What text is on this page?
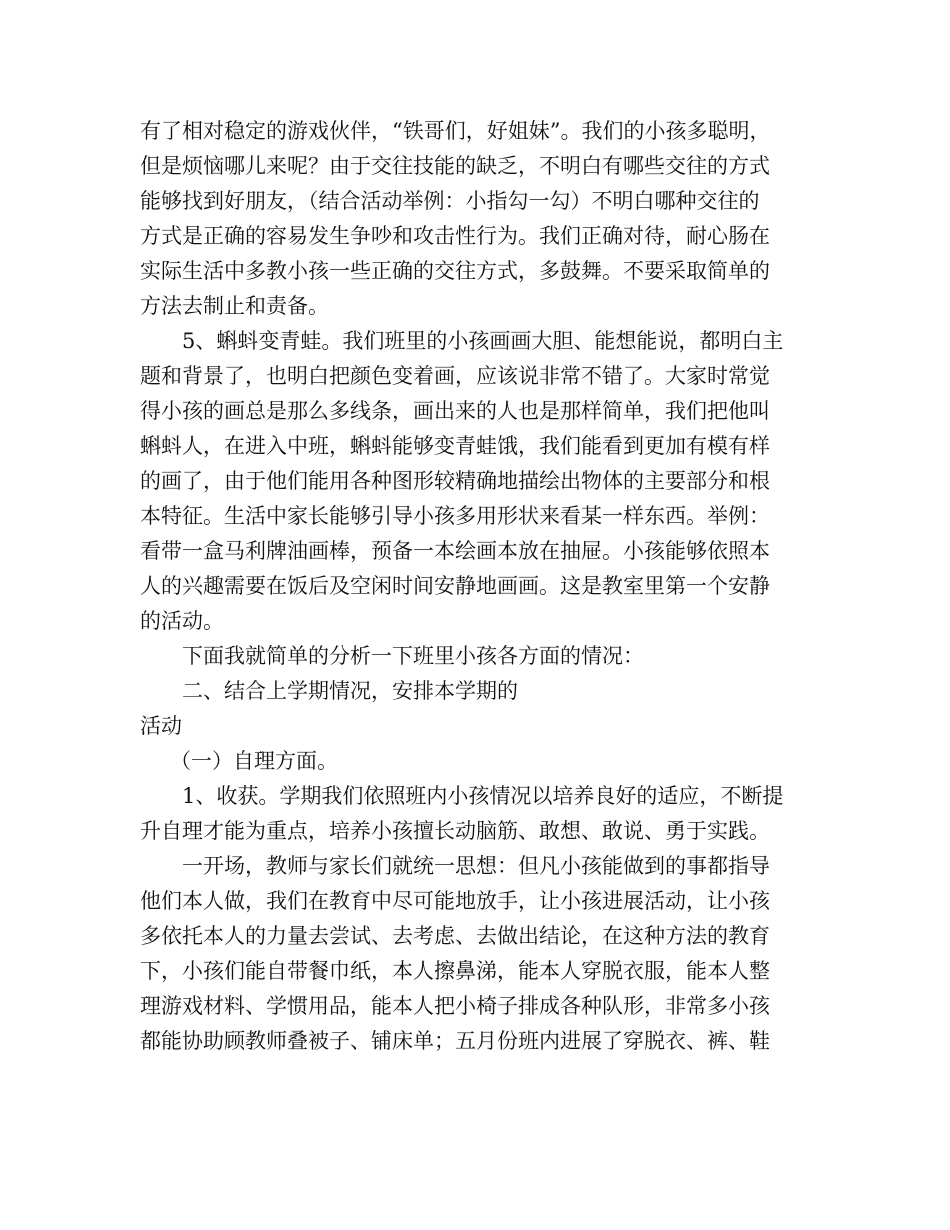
有了相对稳定的游戏伙伴，“铁哥们，好姐妹”。我们的小孩多聪明，
但是烦恼哪儿来呢？由于交往技能的缺乏，不明白有哪些交往的方式
能够找到好朋友，（结合活动举例：小指勾一勾）不明白哪种交往的
方式是正确的容易发生争吵和攻击性行为。我们正确对待，耐心肠在
实际生活中多教小孩一些正确的交往方式，多鼓舞。不要采取简单的
方法去制止和责备。
5、蝌蚪变青蛙。我们班里的小孩画画大胆、能想能说，都明白主
题和背景了，也明白把颜色变着画，应该说非常不错了。大家时常觉
得小孩的画总是那么多线条，画出来的人也是那样简单，我们把他叫
蝌蚪人，在进入中班，蝌蚪能够变青蛙饿，我们能看到更加有模有样
的画了，由于他们能用各种图形较精确地描绘出物体的主要部分和根
本特征。生活中家长能够引导小孩多用形状来看某一样东西。举例：
看带一盒马利牌油画棒，预备一本绘画本放在抽屉。小孩能够依照本
人的兴趣需要在饭后及空闲时间安静地画画。这是教室里第一个安静
的活动。
下面我就简单的分析一下班里小孩各方面的情况：
二、结合上学期情况，安排本学期的
活动
（一）自理方面。
1、收获。学期我们依照班内小孩情况以培养良好的适应，不断提
升自理才能为重点，培养小孩擅长动脑筋、敢想、敢说、勇于实践。
一开场，教师与家长们就统一思想：但凡小孩能做到的事都指导
他们本人做，我们在教育中尽可能地放手，让小孩进展活动，让小孩
多依托本人的力量去尝试、去考虑、去做出结论，在这种方法的教育
下，小孩们能自带餐巾纸，本人擦鼻涕，能本人穿脱衣服，能本人整
理游戏材料、学惯用品，能本人把小椅子排成各种队形，非常多小孩
都能协助顾教师叠被子、铺床单；五月份班内进展了穿脱衣、裤、鞋
